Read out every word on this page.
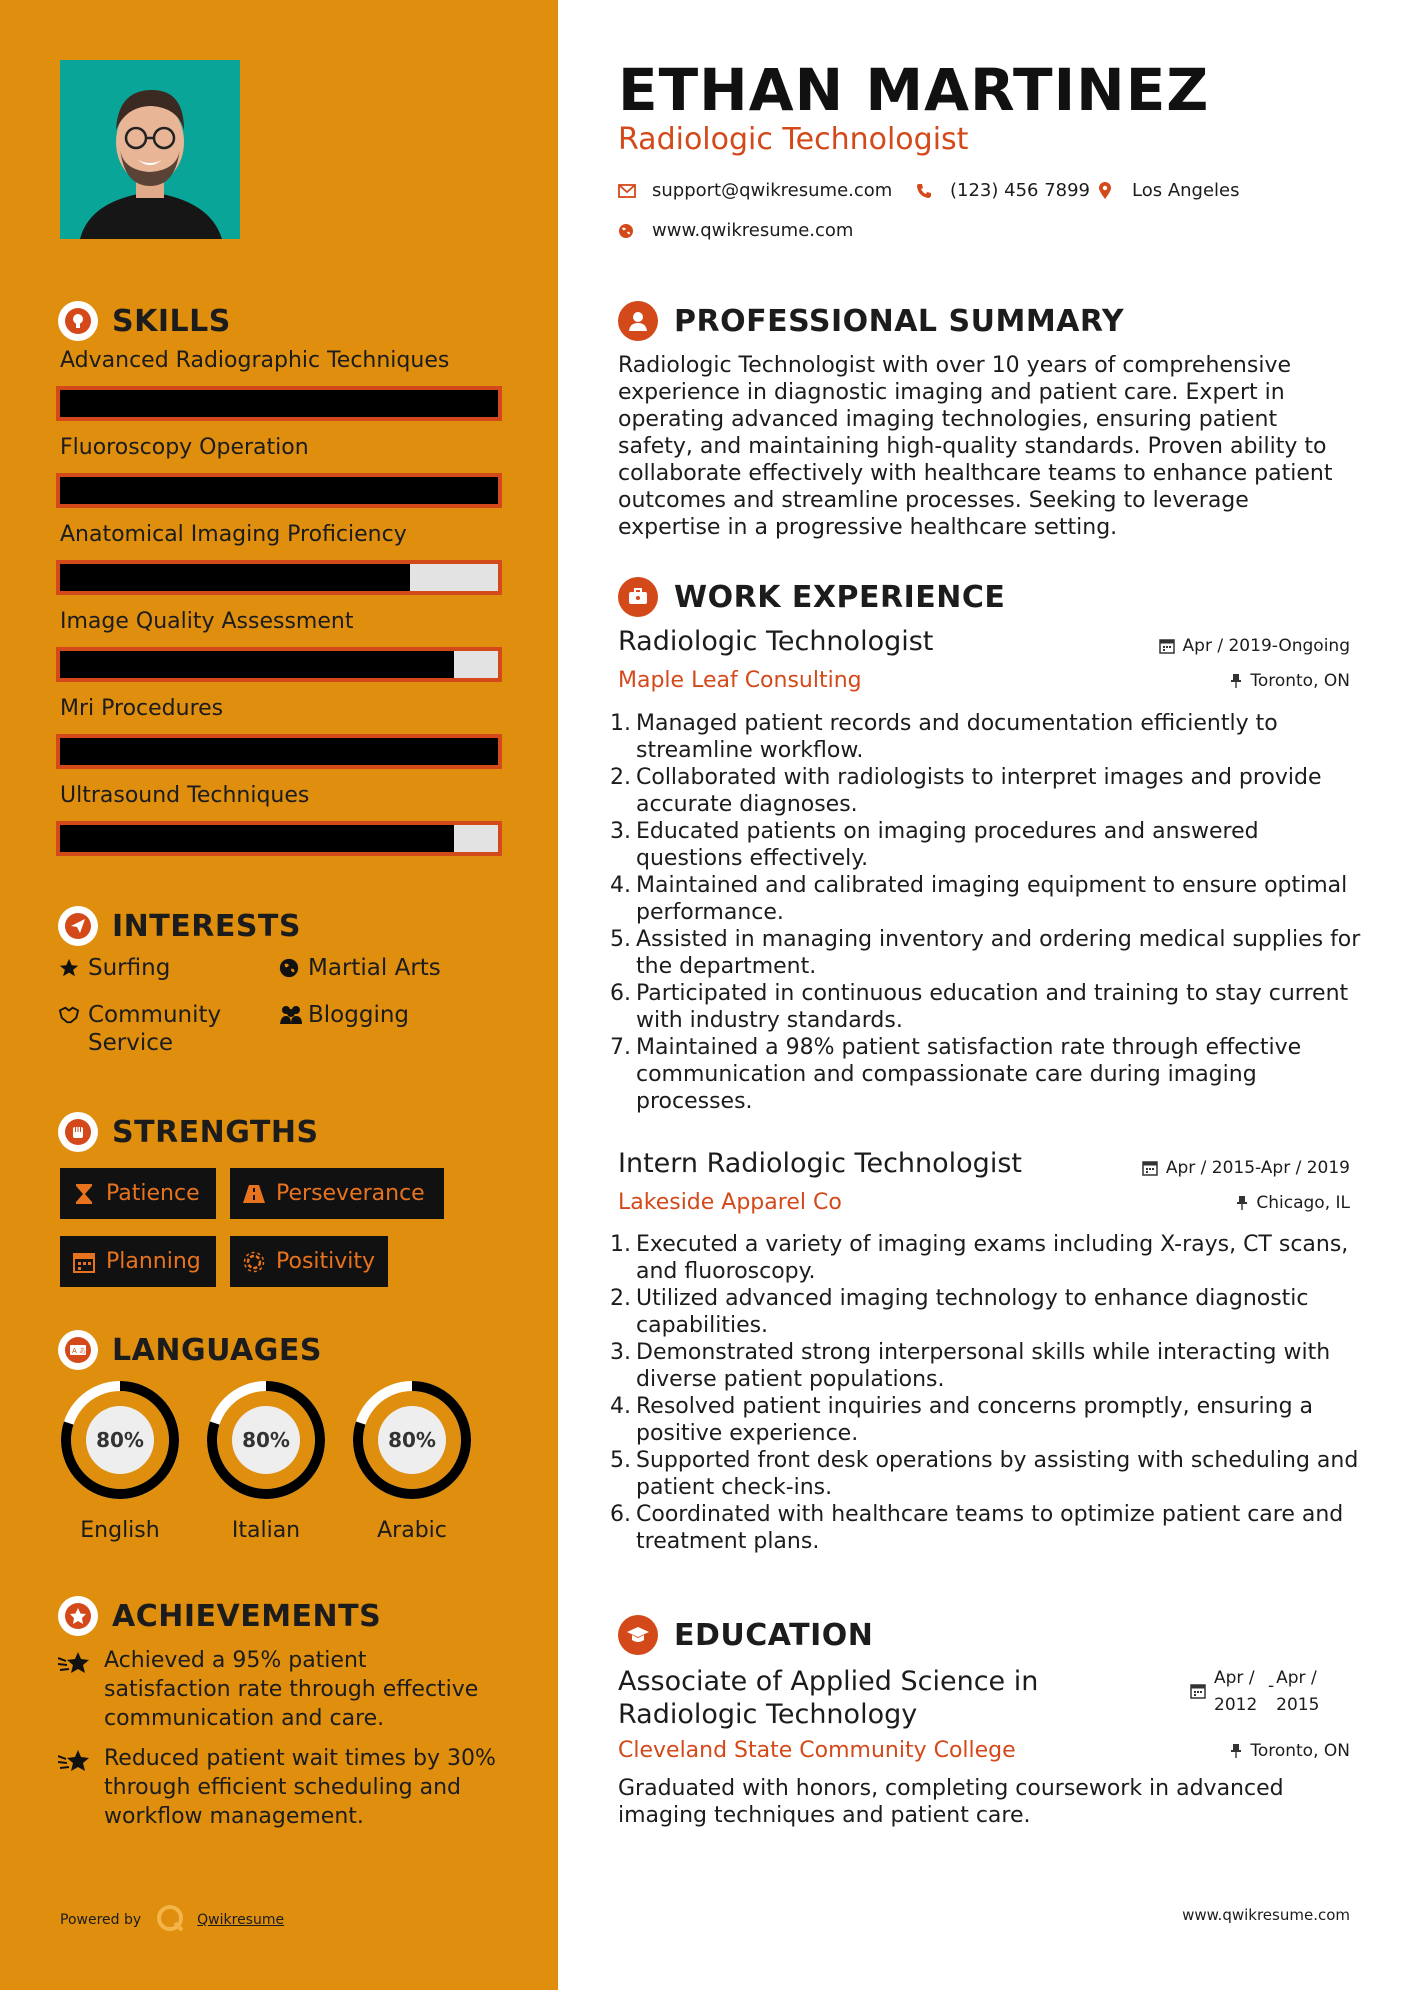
SKILLS
Advanced Radiographic Techniques
Fluoroscopy Operation
Anatomical Imaging Proficiency
Image Quality Assessment
Mri Procedures
Ultrasound Techniques
INTERESTS
Surfing	Martial Arts
Community Service
Blogging
STRENGTHS
Patience	Perseverance
Planning	Positivity
A あ LANGUAGES
80%
English
80%
Italian
80%
Arabic
ACHIEVEMENTS
Achieved a 95% patient satisfaction rate through effective communication and care.
Reduced patient wait times by 30% through efficient scheduling and workflow management.
Powered by	Qwikresume
ETHAN MARTINEZ
Radiologic Technologist
support@qwikresume.com	(123) 456 7899 Los Angeles
www.qwikresume.com
PROFESSIONAL SUMMARY
Radiologic Technologist with over 10 years of comprehensive experience in diagnostic imaging and patient care. Expert in operating advanced imaging technologies, ensuring patient safety, and maintaining high-quality standards. Proven ability to collaborate effectively with healthcare teams to enhance patient outcomes and streamline processes. Seeking to leverage expertise in a progressive healthcare setting.
WORK EXPERIENCE
Radiologic Technologist	Apr / 2019-Ongoing
Maple Leaf Consulting	Toronto, ON
1. Managed patient records and documentation efficiently to streamline workflow.
2. Collaborated with radiologists to interpret images and provide accurate diagnoses.
3. Educated patients on imaging procedures and answered questions effectively.
4. Maintained and calibrated imaging equipment to ensure optimal performance.
5. Assisted in managing inventory and ordering medical supplies for the department.
6. Participated in continuous education and training to stay current with industry standards.
7. Maintained a 98% patient satisfaction rate through effective communication and compassionate care during imaging processes.
Intern Radiologic Technologist	Apr / 2015-Apr / 2019
Lakeside Apparel Co	Chicago, IL
1. Executed a variety of imaging exams including X-rays, CT scans, and fluoroscopy.
2. Utilized advanced imaging technology to enhance diagnostic capabilities.
3. Demonstrated strong interpersonal skills while interacting with diverse patient populations.
4. Resolved patient inquiries and concerns promptly, ensuring a positive experience.
5. Supported front desk operations by assisting with scheduling and patient check-ins.
6. Coordinated with healthcare teams to optimize patient care and treatment plans.
EDUCATION
Associate of Applied Science in Radiologic Technology
Apr / 2012
- Apr / 2015
Cleveland State Community College	Toronto, ON
Graduated with honors, completing coursework in advanced imaging techniques and patient care.
www.qwikresume.com
